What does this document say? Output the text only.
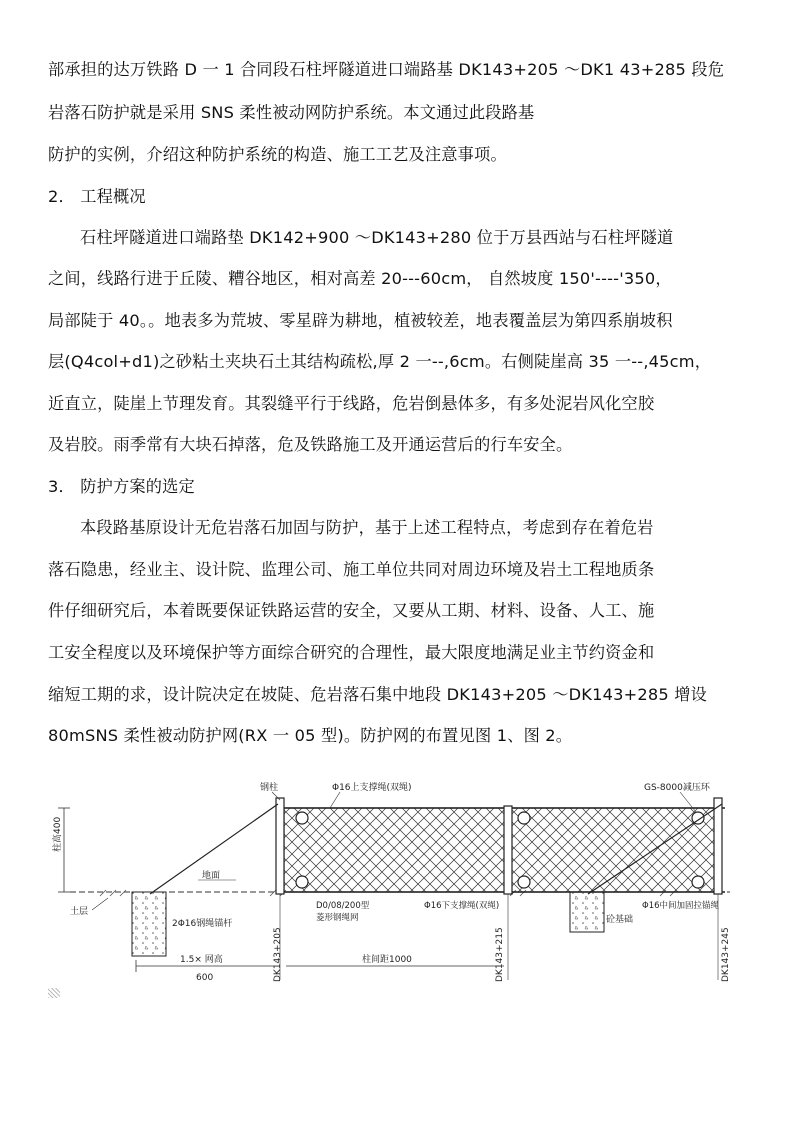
部承担的达万铁路 D 一 1 合同段石柱坪隧道进口端路基 DK143+205 ～DK1 43+285 段危
岩落石防护就是采用 SNS 柔性被动网防护系统。本文通过此段路基
防护的实例，介绍这种防护系统的构造、施工工艺及注意事项。
2． 工程概况
石柱坪隧道进口端路垫 DK142+900 ～DK143+280 位于万县西站与石柱坪隧道
之间，线路行进于丘陵、糟谷地区，相对高差 20---60cm， 自然坡度 150'----'350，
局部陡于 40。。地表多为荒坡、零星辟为耕地，植被较差，地表覆盖层为第四系崩坡积
层(Q4col+d1)之砂粘土夹块石土其结构疏松,厚 2 一--,6cm。右侧陡崖高 35 一--,45cm，
近直立，陡崖上节理发育。其裂缝平行于线路，危岩倒悬体多，有多处泥岩风化空胶
及岩胶。雨季常有大块石掉落，危及铁路施工及开通运营后的行车安全。
3． 防护方案的选定
本段路基原设计无危岩落石加固与防护，基于上述工程特点，考虑到存在着危岩
落石隐患，经业主、设计院、监理公司、施工单位共同对周边环境及岩土工程地质条
件仔细研究后，本着既要保证铁路运营的安全，又要从工期、材料、设备、人工、施
工安全程度以及环境保护等方面综合研究的合理性，最大限度地满足业主节约资金和
缩短工期的求，设计院决定在坡陡、危岩落石集中地段 DK143+205 ～DK143+285 增设
80mSNS 柔性被动防护网(RX 一 05 型)。防护网的布置见图 1、图 2。
柱高400
钢柱	Φ16上支撑绳(双绳)	GS-8000减压环
地面
土层
2Φ16钢绳锚杆
D0/08/200型
菱形钢绳网
Φ16下支撑绳(双绳)	Φ16中间加固拉锚绳
砼基础
DK143+205	DK143+215	DK143+245
1.5× 网高
600
柱间距1000
